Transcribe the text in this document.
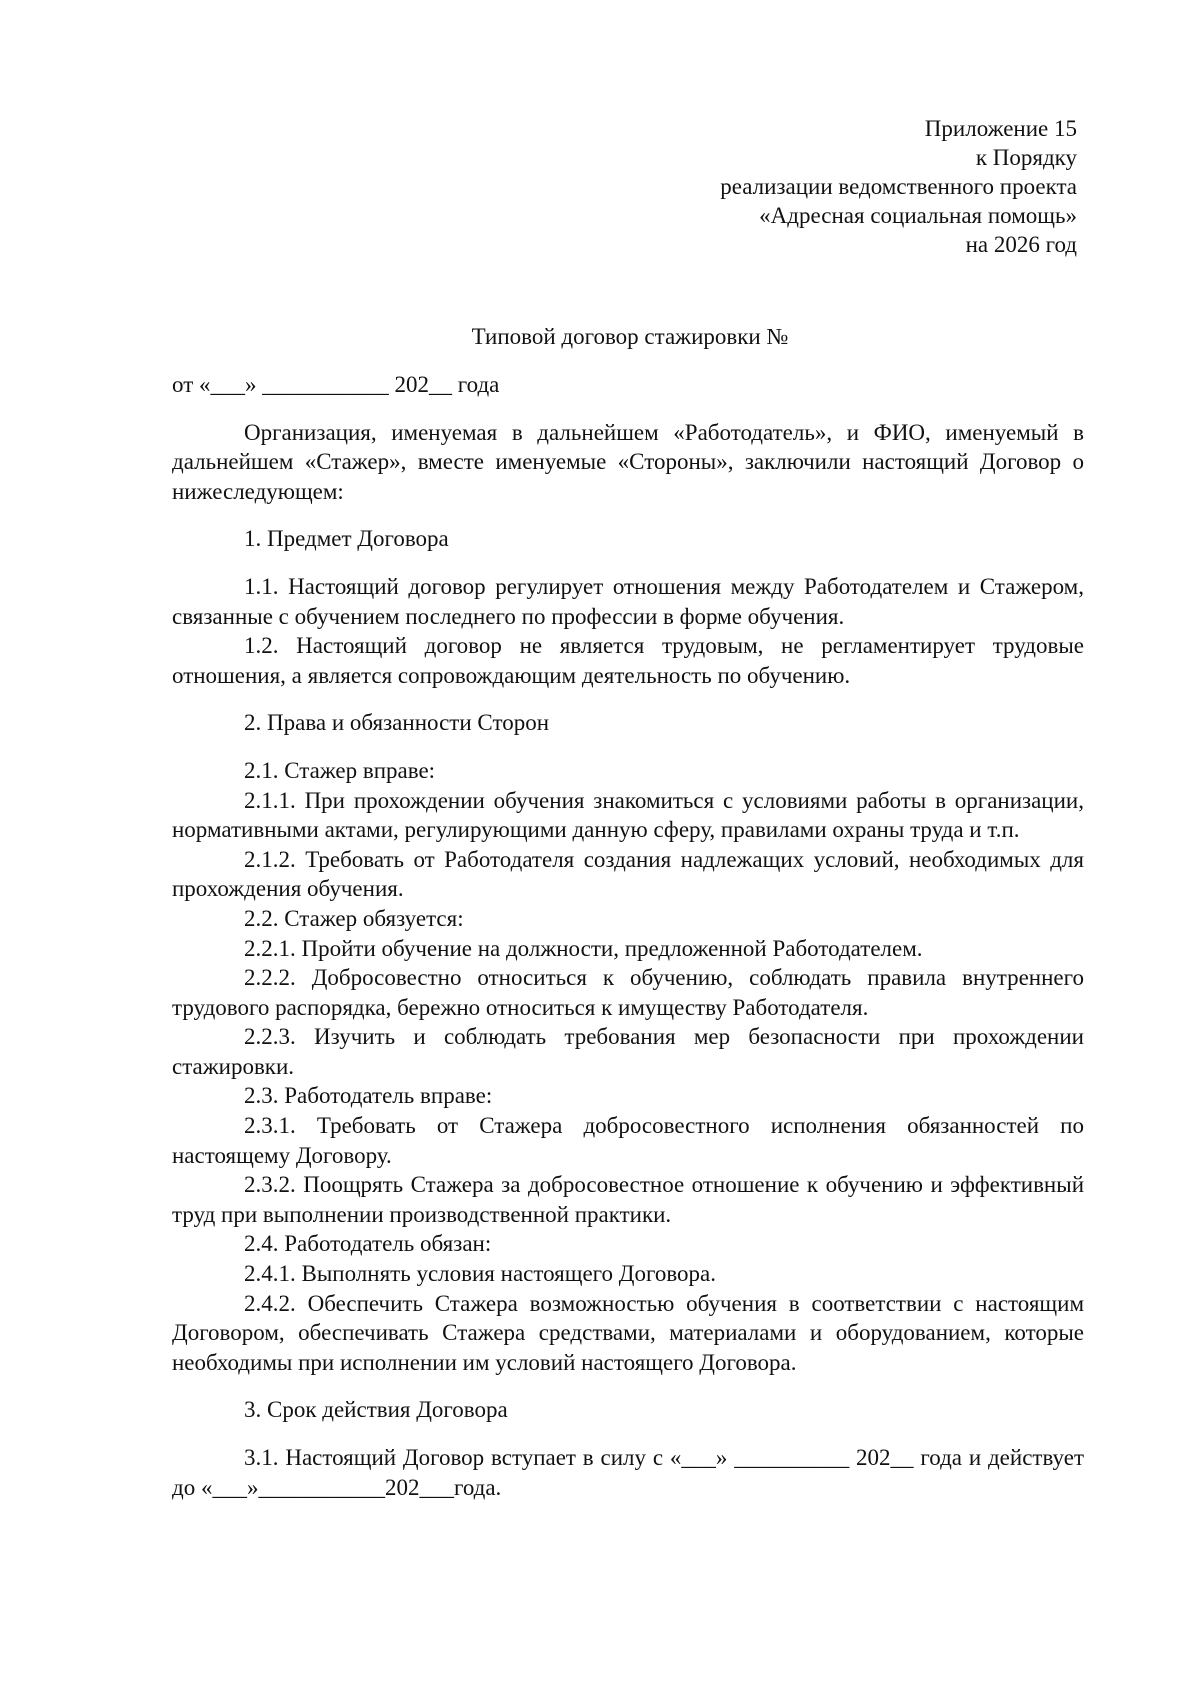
Приложение 15
к Порядку
реализации ведомственного проекта
«Адресная социальная помощь»
на 2026 год
Типовой договор стажировки №

от «___» ___________ 202__ года

Организация, именуемая в дальнейшем «Работодатель», и ФИО, именуемый в дальнейшем «Стажер», вместе именуемые «Стороны», заключили настоящий Договор о нижеследующем:

1. Предмет Договора

1.1. Настоящий договор регулирует отношения между Работодателем и Стажером, связанные с обучением последнего по профессии в форме обучения.

1.2. Настоящий договор не является трудовым, не регламентирует трудовые отношения, а является сопровождающим деятельность по обучению.

2. Права и обязанности Сторон

2.1. Стажер вправе:

2.1.1. При прохождении обучения знакомиться с условиями работы в организации, нормативными актами, регулирующими данную сферу, правилами охраны труда и т.п.

2.1.2. Требовать от Работодателя создания надлежащих условий, необходимых для прохождения обучения.

2.2. Стажер обязуется:

2.2.1. Пройти обучение на должности, предложенной Работодателем.

2.2.2. Добросовестно относиться к обучению, соблюдать правила внутреннего трудового распорядка, бережно относиться к имуществу Работодателя.

2.2.3. Изучить и соблюдать требования мер безопасности при прохождении стажировки.

2.3. Работодатель вправе:

2.3.1. Требовать от Стажера добросовестного исполнения обязанностей по настоящему Договору.

2.3.2. Поощрять Стажера за добросовестное отношение к обучению и эффективный труд при выполнении производственной практики.

2.4. Работодатель обязан:

2.4.1. Выполнять условия настоящего Договора.

2.4.2. Обеспечить Стажера возможностью обучения в соответствии с настоящим Договором, обеспечивать Стажера средствами, материалами и оборудованием, которые необходимы при исполнении им условий настоящего Договора.

3. Срок действия Договора

3.1. Настоящий Договор вступает в силу с «___» __________ 202__ года и действует до «___»___________202___года.
